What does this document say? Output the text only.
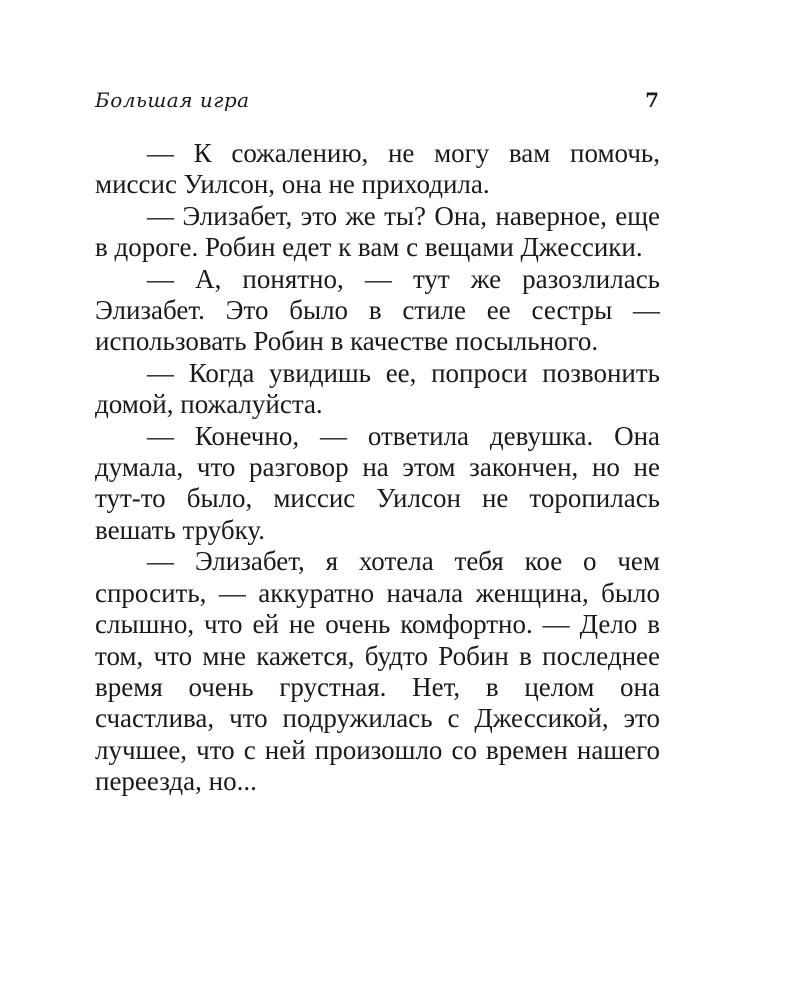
Большая игра	7

— К сожалению, не могу вам помочь, миссис Уилсон, она не приходила.

— Элизабет, это же ты? Она, наверное, еще в дороге. Робин едет к вам с вещами Джессики.

— А, понятно, — тут же разозлилась Элизабет. Это было в стиле ее сестры — использовать Робин в качестве посыльного.

— Когда увидишь ее, попроси позвонить домой, пожалуйста.

— Конечно, — ответила девушка. Она думала, что разговор на этом закончен, но не тут-то было, миссис Уилсон не торопилась вешать трубку.

— Элизабет, я хотела тебя кое о чем спросить, — аккуратно начала женщина, было слышно, что ей не очень комфортно. — Дело в том, что мне кажется, будто Робин в последнее время очень грустная. Нет, в целом она счастлива, что подружилась с Джессикой, это лучшее, что с ней произошло со времен нашего переезда, но...
